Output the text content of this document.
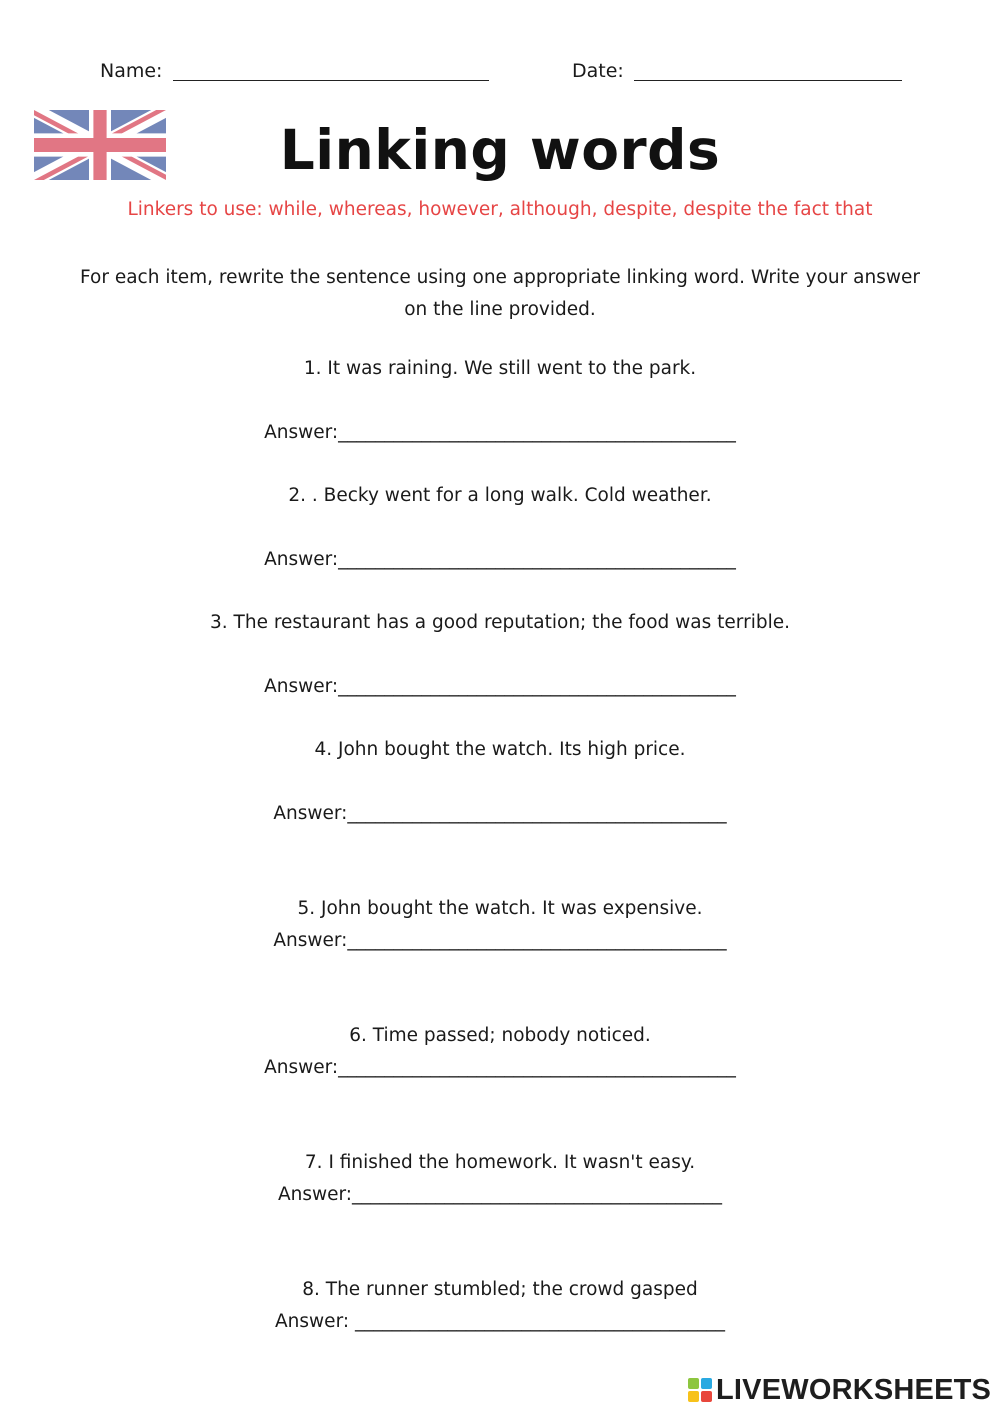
Name:	Date:
Linking words
Linkers to use: while, whereas, however, although, despite, despite the fact that
For each item, rewrite the sentence using one appropriate linking word. Write your answer on the line provided.
1. It was raining. We still went to the park.
Answer:___________________________________________
2. . Becky went for a long walk. Cold weather.
Answer:___________________________________________
3. The restaurant has a good reputation; the food was terrible.
Answer:___________________________________________
4. John bought the watch. Its high price.
Answer:_________________________________________
5. John bought the watch. It was expensive.
Answer:_________________________________________
6. Time passed; nobody noticed.
Answer:___________________________________________
7. I finished the homework. It wasn't easy.
Answer:________________________________________
8. The runner stumbled; the crowd gasped
Answer: ________________________________________
LIVEWORKSHEETS
